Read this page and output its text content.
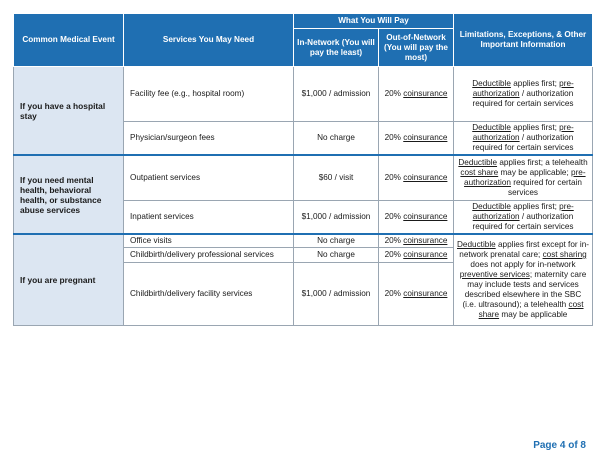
Common Medical Event	Services You May Need	What You Will Pay		Limitations, Exceptions, & Other Important Information
		In-Network (You will pay the least)	Out-of-Network (You will pay the most)	
If you have a hospital stay	Facility fee (e.g., hospital room)	$1,000 / admission	20% coinsurance	Deductible applies first; pre-authorization / authorization required for certain services
	Physician/surgeon fees	No charge	20% coinsurance	Deductible applies first; pre-authorization / authorization required for certain services
If you need mental health, behavioral health, or substance abuse services	Outpatient services	$60 / visit	20% coinsurance	Deductible applies first; a telehealth cost share may be applicable; pre-authorization required for certain services
	Inpatient services	$1,000 / admission	20% coinsurance	Deductible applies first; pre-authorization / authorization required for certain services
If you are pregnant	Office visits	No charge	20% coinsurance	Deductible applies first except for in-network prenatal care; cost sharing does not apply for in-network preventive services; maternity care may include tests and services described elsewhere in the SBC (i.e. ultrasound); a telehealth cost share may be applicable
	Childbirth/delivery professional services	No charge	20% coinsurance	
	Childbirth/delivery facility services	$1,000 / admission	20% coinsurance	
Page 4 of 8
